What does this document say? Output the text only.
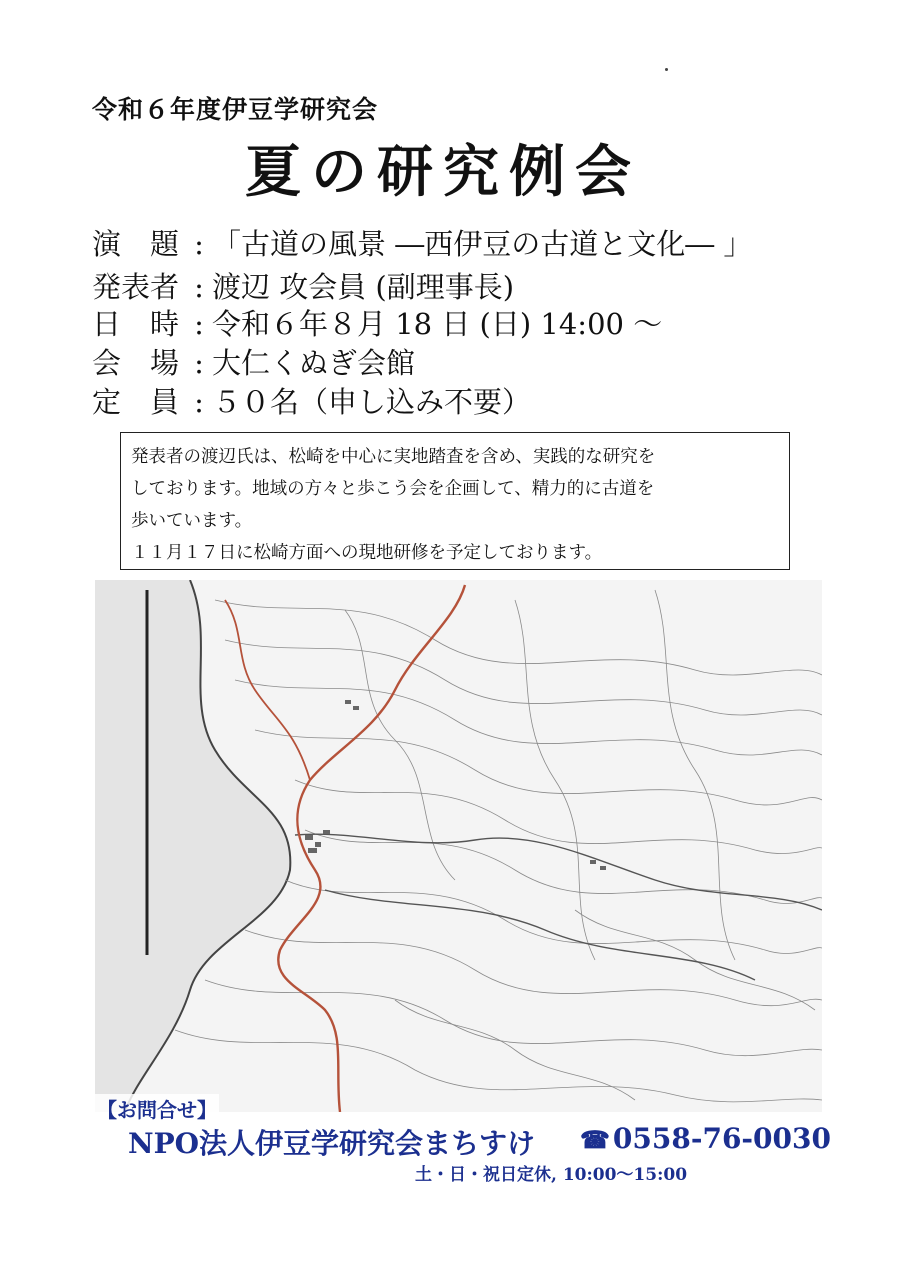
令和６年度伊豆学研究会
夏の研究例会
演　題 : 「古道の風景 ―西伊豆の古道と文化― 」
発表者 : 渡辺 攻会員 (副理事長)
日　時 : 令和６年８月 18 日 (日) 14:00 ～
会　場 : 大仁くぬぎ会館
定　員 : ５０名（申し込み不要）

発表者の渡辺氏は、松崎を中心に実地踏査を含め、実践的な研究を

しております。地域の方々と歩こう会を企画して、精力的に古道を

歩いています。

１１月１７日に松崎方面への現地研修を予定しております。

【お問合せ】
NPO法人伊豆学研究会まちすけ ☎ 0558-76-0030
土・日・祝日定休, 10:00～15:00
